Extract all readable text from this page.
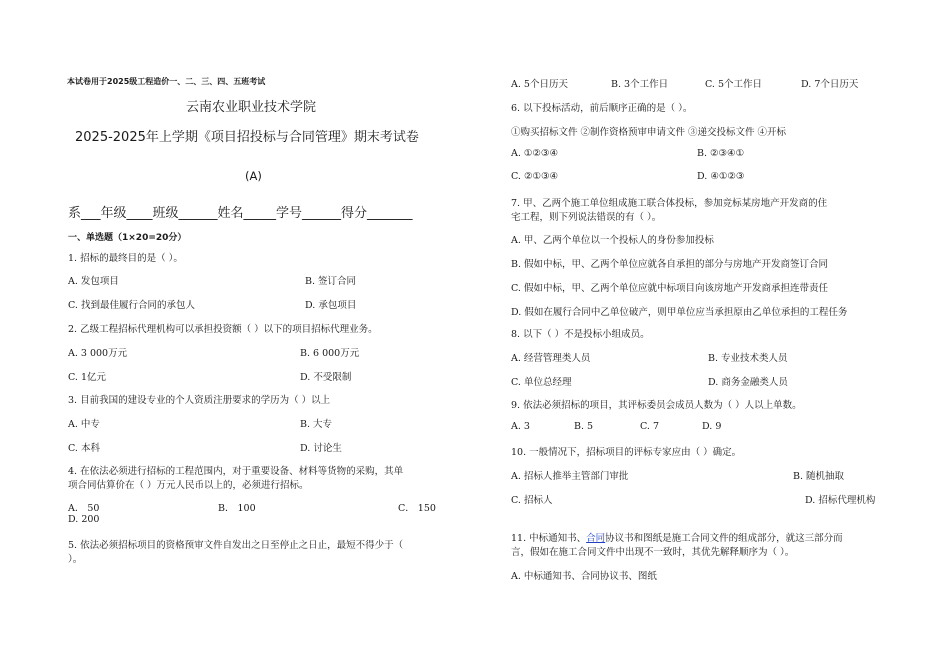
本试卷用于2025级工程造价一、二、三、四、五班考试
云南农业职业技术学院
2025-2025年上学期《项目招投标与合同管理》期末考试卷
(A)
系___年级____班级______姓名_____学号______得分_______
一、单选题（1×20=20分）
1. 招标的最终目的是（ ）。
A. 发包项目	B. 签订合同
C. 找到最佳履行合同的承包人	D. 承包项目
2. 乙级工程招标代理机构可以承担投资额（ ）以下的项目招标代理业务。
A. 3 000万元	B. 6 000万元
C. 1亿元	D. 不受限制
3. 目前我国的建设专业的个人资质注册要求的学历为（ ）以上
A. 中专	B. 大专
C. 本科	D. 讨论生
4. 在依法必须进行招标的工程范围内，对于重要设备、材料等货物的采购，其单
项合同估算价在（ ）万元人民币以上的，必须进行招标。
A． 50	B． 100	C． 150
D. 200
5. 依法必须招标项目的资格预审文件自发出之日至停止之日止，最短不得少于（
）。
A. 5个日历天	B. 3个工作日	C. 5个工作日	D. 7个日历天
6. 以下投标活动，前后顺序正确的是（ ）。
①购买招标文件 ②制作资格预审申请文件 ③递交投标文件 ④开标
A. ①②③④	B. ②③④①
C. ②①③④	D. ④①②③
7. 甲、乙两个施工单位组成施工联合体投标，参加竞标某房地产开发商的住
宅工程，则下列说法错误的有（ ）。
A. 甲、乙两个单位以一个投标人的身份参加投标
B. 假如中标，甲、乙两个单位应就各自承担的部分与房地产开发商签订合同
C. 假如中标，甲、乙两个单位应就中标项目向该房地产开发商承担连带责任
D. 假如在履行合同中乙单位破产，则甲单位应当承担原由乙单位承担的工程任务
8. 以下（ ）不是投标小组成员。
A. 经营管理类人员	B. 专业技术类人员
C. 单位总经理	D. 商务金融类人员
9. 依法必须招标的项目，其评标委员会成员人数为（ ）人以上单数。
A. 3	B. 5	C. 7	D. 9
10. 一般情况下，招标项目的评标专家应由（ ）确定。
A. 招标人推举主管部门审批	B. 随机抽取
C. 招标人	D. 招标代理机构
11. 中标通知书、合同协议书和图纸是施工合同文件的组成部分，就这三部分而
言，假如在施工合同文件中出现不一致时，其优先解释顺序为（ ）。
A. 中标通知书、合同协议书、图纸
